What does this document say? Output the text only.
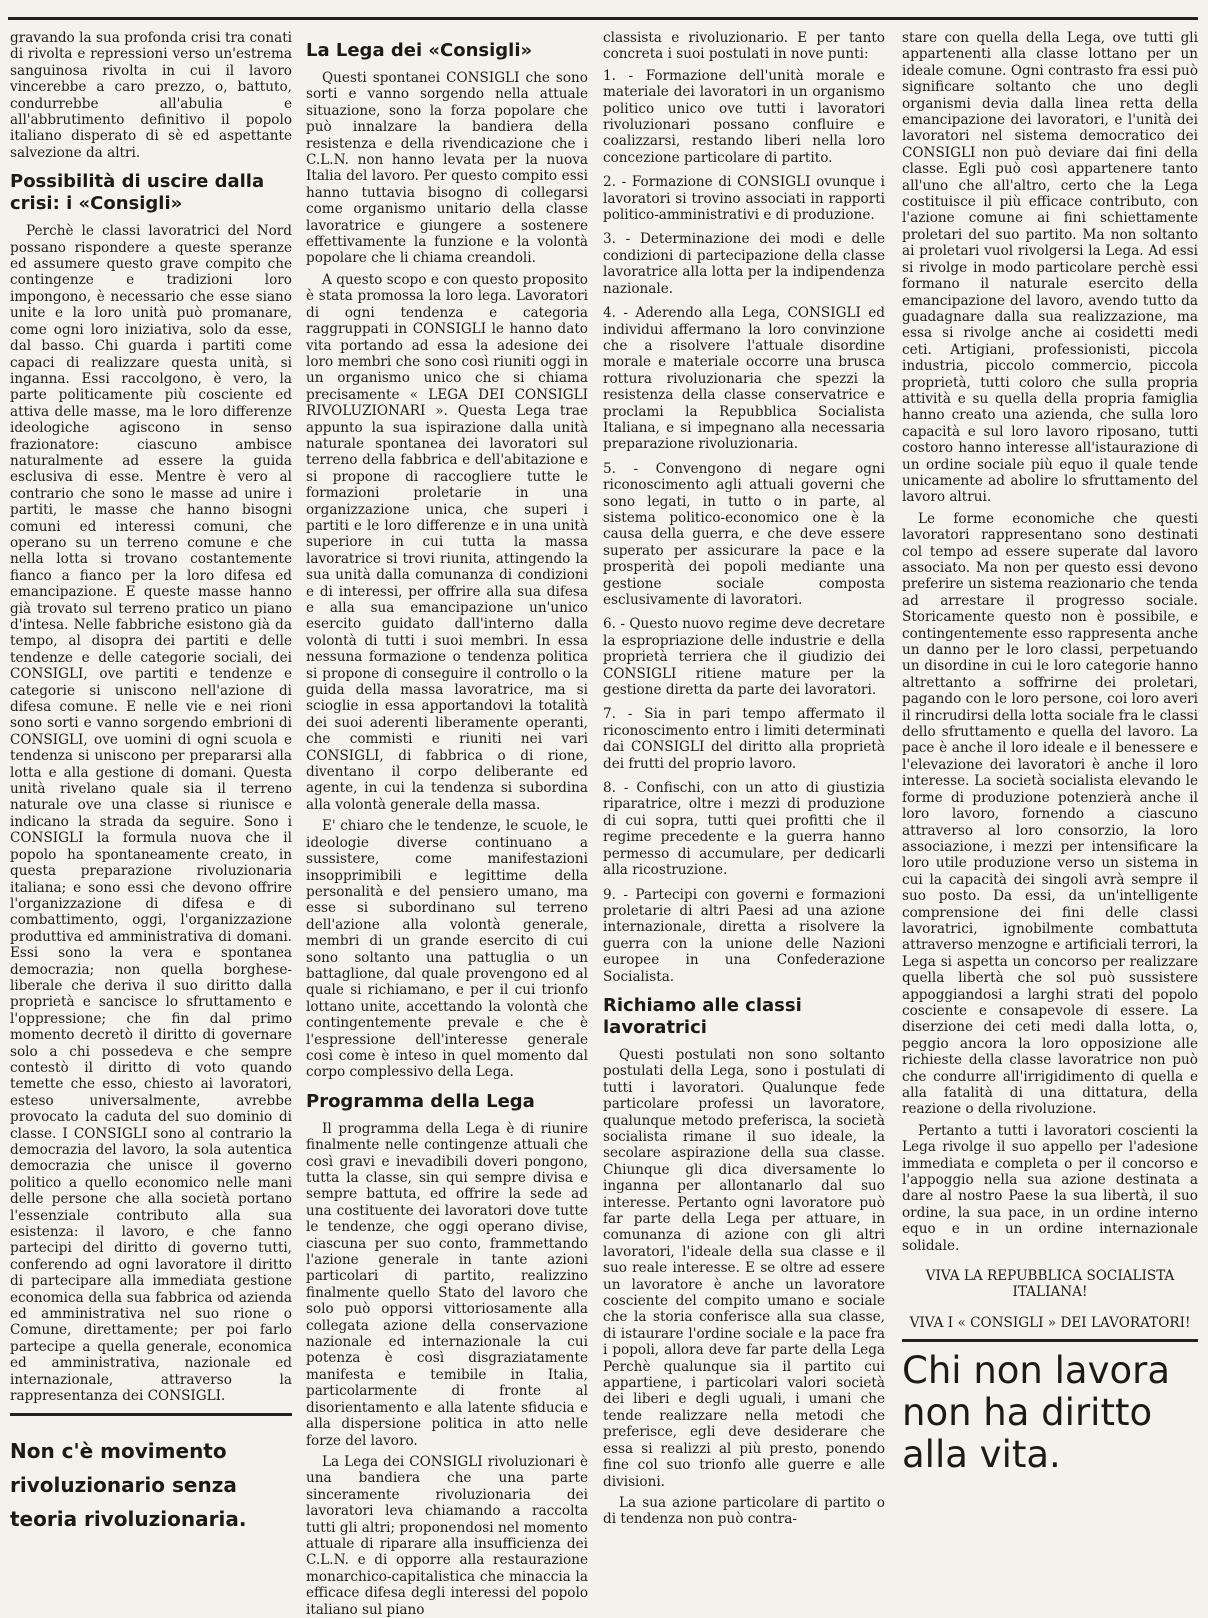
gravando la sua profonda crisi tra conati di rivolta e repressioni verso un'estrema sanguinosa rivolta in cui il lavoro vincerebbe a caro prezzo, o, battuto, condurrebbe all'abulia e all'abbrutimento definitivo il popolo italiano disperato di sè ed aspettante salvezione da altri.

Possibilità di uscire dalla crisi: i «Consigli»

Perchè le classi lavoratrici del Nord possano rispondere a queste speranze ed assumere questo grave compito che contingenze e tradizioni loro impongono, è necessario che esse siano unite e la loro unità può promanare, come ogni loro iniziativa, solo da esse, dal basso. Chi guarda i partiti come capaci di realizzare questa unità, si inganna. Essi raccolgono, è vero, la parte politicamente più cosciente ed attiva delle masse, ma le loro differenze ideologiche agiscono in senso frazionatore: ciascuno ambisce naturalmente ad essere la guida esclusiva di esse. Mentre è vero al contrario che sono le masse ad unire i partiti, le masse che hanno bisogni comuni ed interessi comuni, che operano su un terreno comune e che nella lotta si trovano costantemente fianco a fianco per la loro difesa ed emancipazione. E queste masse hanno già trovato sul terreno pratico un piano d'intesa. Nelle fabbriche esistono già da tempo, al disopra dei partiti e delle tendenze e delle categorie sociali, dei CONSIGLI, ove partiti e tendenze e categorie si uniscono nell'azione di difesa comune. E nelle vie e nei rioni sono sorti e vanno sorgendo embrioni di CONSIGLI, ove uomini di ogni scuola e tendenza si uniscono per prepararsi alla lotta e alla gestione di domani. Questa unità rivelano quale sia il terreno naturale ove una classe si riunisce e indicano la strada da seguire. Sono i CONSIGLI la formula nuova che il popolo ha spontaneamente creato, in questa preparazione rivoluzionaria italiana; e sono essi che devono offrire l'organizzazione di difesa e di combattimento, oggi, l'organizzazione produttiva ed amministrativa di domani. Essi sono la vera e spontanea democrazia; non quella borghese-liberale che deriva il suo diritto dalla proprietà e sancisce lo sfruttamento e l'oppressione; che fin dal primo momento decretò il diritto di governare solo a chi possedeva e che sempre contestò il diritto di voto quando temette che esso, chiesto ai lavoratori, esteso universalmente, avrebbe provocato la caduta del suo dominio di classe. I CONSIGLI sono al contrario la democrazia del lavoro, la sola autentica democrazia che unisce il governo politico a quello economico nelle mani delle persone che alla società portano l'essenziale contributo alla sua esistenza: il lavoro, e che fanno partecipi del diritto di governo tutti, conferendo ad ogni lavoratore il diritto di partecipare alla immediata gestione economica della sua fabbrica od azienda ed amministrativa nel suo rione o Comune, direttamente; per poi farlo partecipe a quella generale, economica ed amministrativa, nazionale ed internazionale, attraverso la rappresentanza dei CONSIGLI.

Non c'è movimento rivoluzionario senza teoria rivoluzionaria.
La Lega dei «Consigli»

Questi spontanei CONSIGLI che sono sorti e vanno sorgendo nella attuale situazione, sono la forza popolare che può innalzare la bandiera della resistenza e della rivendicazione che i C.L.N. non hanno levata per la nuova Italia del lavoro. Per questo compito essi hanno tuttavia bisogno di collegarsi come organismo unitario della classe lavoratrice e giungere a sostenere effettivamente la funzione e la volontà popolare che li chiama creandoli.

A questo scopo e con questo proposito è stata promossa la loro lega. Lavoratori di ogni tendenza e categoria raggruppati in CONSIGLI le hanno dato vita portando ad essa la adesione dei loro membri che sono così riuniti oggi in un organismo unico che si chiama precisamente « LEGA DEI CONSIGLI RIVOLUZIONARI ». Questa Lega trae appunto la sua ispirazione dalla unità naturale spontanea dei lavoratori sul terreno della fabbrica e dell'abitazione e si propone di raccogliere tutte le formazioni proletarie in una organizzazione unica, che superi i partiti e le loro differenze e in una unità superiore in cui tutta la massa lavoratrice si trovi riunita, attingendo la sua unità dalla comunanza di condizioni e di interessi, per offrire alla sua difesa e alla sua emancipazione un'unico esercito guidato dall'interno dalla volontà di tutti i suoi membri. In essa nessuna formazione o tendenza politica si propone di conseguire il controllo o la guida della massa lavoratrice, ma si scioglie in essa apportandovi la totalità dei suoi aderenti liberamente operanti, che commisti e riuniti nei vari CONSIGLI, di fabbrica o di rione, diventano il corpo deliberante ed agente, in cui la tendenza si subordina alla volontà generale della massa.

E' chiaro che le tendenze, le scuole, le ideologie diverse continuano a sussistere, come manifestazioni insopprimibili e legittime della personalità e del pensiero umano, ma esse si subordinano sul terreno dell'azione alla volontà generale, membri di un grande esercito di cui sono soltanto una pattuglia o un battaglione, dal quale provengono ed al quale si richiamano, e per il cui trionfo lottano unite, accettando la volontà che contingentemente prevale e che è l'espressione dell'interesse generale così come è inteso in quel momento dal corpo complessivo della Lega.

Programma della Lega

Il programma della Lega è di riunire finalmente nelle contingenze attuali che così gravi e inevadibili doveri pongono, tutta la classe, sin qui sempre divisa e sempre battuta, ed offrire la sede ad una costituente dei lavoratori dove tutte le tendenze, che oggi operano divise, ciascuna per suo conto, frammettando l'azione generale in tante azioni particolari di partito, realizzino finalmente quello Stato del lavoro che solo può opporsi vittoriosamente alla collegata azione della conservazione nazionale ed internazionale la cui potenza è così disgraziatamente manifesta e temibile in Italia, particolarmente di fronte al disorientamento e alla latente sfiducia e alla dispersione politica in atto nelle forze del lavoro.

La Lega dei CONSIGLI rivoluzionari è una bandiera che una parte sinceramente rivoluzionaria dei lavoratori leva chiamando a raccolta tutti gli altri; proponendosi nel momento attuale di riparare alla insufficienza dei C.L.N. e di opporre alla restaurazione monarchico-capitalistica che minaccia la efficace difesa degli interessi del popolo italiano sul piano

classista e rivoluzionario. E per tanto concreta i suoi postulati in nove punti:

1. - Formazione dell'unità morale e materiale dei lavoratori in un organismo politico unico ove tutti i lavoratori rivoluzionari possano confluire e coalizzarsi, restando liberi nella loro concezione particolare di partito.

2. - Formazione di CONSIGLI ovunque i lavoratori si trovino associati in rapporti politico-amministrativi e di produzione.

3. - Determinazione dei modi e delle condizioni di partecipazione della classe lavoratrice alla lotta per la indipendenza nazionale.

4. - Aderendo alla Lega, CONSIGLI ed individui affermano la loro convinzione che a risolvere l'attuale disordine morale e materiale occorre una brusca rottura rivoluzionaria che spezzi la resistenza della classe conservatrice e proclami la Repubblica Socialista Italiana, e si impegnano alla necessaria preparazione rivoluzionaria.

5. - Convengono di negare ogni riconoscimento agli attuali governi che sono legati, in tutto o in parte, al sistema politico-economico one è la causa della guerra, e che deve essere superato per assicurare la pace e la prosperità dei popoli mediante una gestione sociale composta esclusivamente di lavoratori.

6. - Questo nuovo regime deve decretare la espropriazione delle industrie e della proprietà terriera che il giudizio dei CONSIGLI ritiene mature per la gestione diretta da parte dei lavoratori.

7. - Sia in pari tempo affermato il riconoscimento entro i limiti determinati dai CONSIGLI del diritto alla proprietà dei frutti del proprio lavoro.

8. - Confischi, con un atto di giustizia riparatrice, oltre i mezzi di produzione di cui sopra, tutti quei profitti che il regime precedente e la guerra hanno permesso di accumulare, per dedicarli alla ricostruzione.

9. - Partecipi con governi e formazioni proletarie di altri Paesi ad una azione internazionale, diretta a risolvere la guerra con la unione delle Nazioni europee in una Confederazione Socialista.

Richiamo alle classi lavoratrici

Questi postulati non sono soltanto postulati della Lega, sono i postulati di tutti i lavoratori. Qualunque fede particolare professi un lavoratore, qualunque metodo preferisca, la società socialista rimane il suo ideale, la secolare aspirazione della sua classe. Chiunque gli dica diversamente lo inganna per allontanarlo dal suo interesse. Pertanto ogni lavoratore può far parte della Lega per attuare, in comunanza di azione con gli altri lavoratori, l'ideale della sua classe e il suo reale interesse. E se oltre ad essere un lavoratore è anche un lavoratore cosciente del compito umano e sociale che la storia conferisce alla sua classe, di istaurare l'ordine sociale e la pace fra i popoli, allora deve far parte della Lega Perchè qualunque sia il partito cui appartiene, i particolari valori società dei liberi e degli uguali, i umani che tende realizzare nella metodi che preferisce, egli deve desiderare che essa si realizzi al più presto, ponendo fine col suo trionfo alle guerre e alle divisioni.

La sua azione particolare di partito o di tendenza non può contra-

stare con quella della Lega, ove tutti gli appartenenti alla classe lottano per un ideale comune. Ogni contrasto fra essi può significare soltanto che uno degli organismi devia dalla linea retta della emancipazione dei lavoratori, e l'unità dei lavoratori nel sistema democratico dei CONSIGLI non può deviare dai fini della classe. Egli può così appartenere tanto all'uno che all'altro, certo che la Lega costituisce il più efficace contributo, con l'azione comune ai fini schiettamente proletari del suo partito. Ma non soltanto ai proletari vuol rivolgersi la Lega. Ad essi si rivolge in modo particolare perchè essi formano il naturale esercito della emancipazione del lavoro, avendo tutto da guadagnare dalla sua realizzazione, ma essa si rivolge anche ai cosidetti medi ceti. Artigiani, professionisti, piccola industria, piccolo commercio, piccola proprietà, tutti coloro che sulla propria attività e su quella della propria famiglia hanno creato una azienda, che sulla loro capacità e sul loro lavoro riposano, tutti costoro hanno interesse all'istaurazione di un ordine sociale più equo il quale tende unicamente ad abolire lo sfruttamento del lavoro altrui.

Le forme economiche che questi lavoratori rappresentano sono destinati col tempo ad essere superate dal lavoro associato. Ma non per questo essi devono preferire un sistema reazionario che tenda ad arrestare il progresso sociale. Storicamente questo non è possibile, e contingentemente esso rappresenta anche un danno per le loro classi, perpetuando un disordine in cui le loro categorie hanno altrettanto a soffrirne dei proletari, pagando con le loro persone, coi loro averi il rincrudirsi della lotta sociale fra le classi dello sfruttamento e quella del lavoro. La pace è anche il loro ideale e il benessere e l'elevazione dei lavoratori è anche il loro interesse. La società socialista elevando le forme di produzione potenzierà anche il loro lavoro, fornendo a ciascuno attraverso al loro consorzio, la loro associazione, i mezzi per intensificare la loro utile produzione verso un sistema in cui la capacità dei singoli avrà sempre il suo posto. Da essi, da un'intelligente comprensione dei fini delle classi lavoratrici, ignobilmente combattuta attraverso menzogne e artificiali terrori, la Lega si aspetta un concorso per realizzare quella libertà che sol può sussistere appoggiandosi a larghi strati del popolo cosciente e consapevole di essere. La diserzione dei ceti medi dalla lotta, o, peggio ancora la loro opposizione alle richieste della classe lavoratrice non può che condurre all'irrigidimento di quella e alla fatalità di una dittatura, della reazione o della rivoluzione.

Pertanto a tutti i lavoratori coscienti la Lega rivolge il suo appello per l'adesione immediata e completa o per il concorso e l'appoggio nella sua azione destinata a dare al nostro Paese la sua libertà, il suo ordine, la sua pace, in un ordine interno equo e in un ordine internazionale solidale.

VIVA LA REPUBBLICA SOCIALISTA ITALIANA!
VIVA I « CONSIGLI » DEI LAVORATORI!
Chi non lavora non ha diritto alla vita.
